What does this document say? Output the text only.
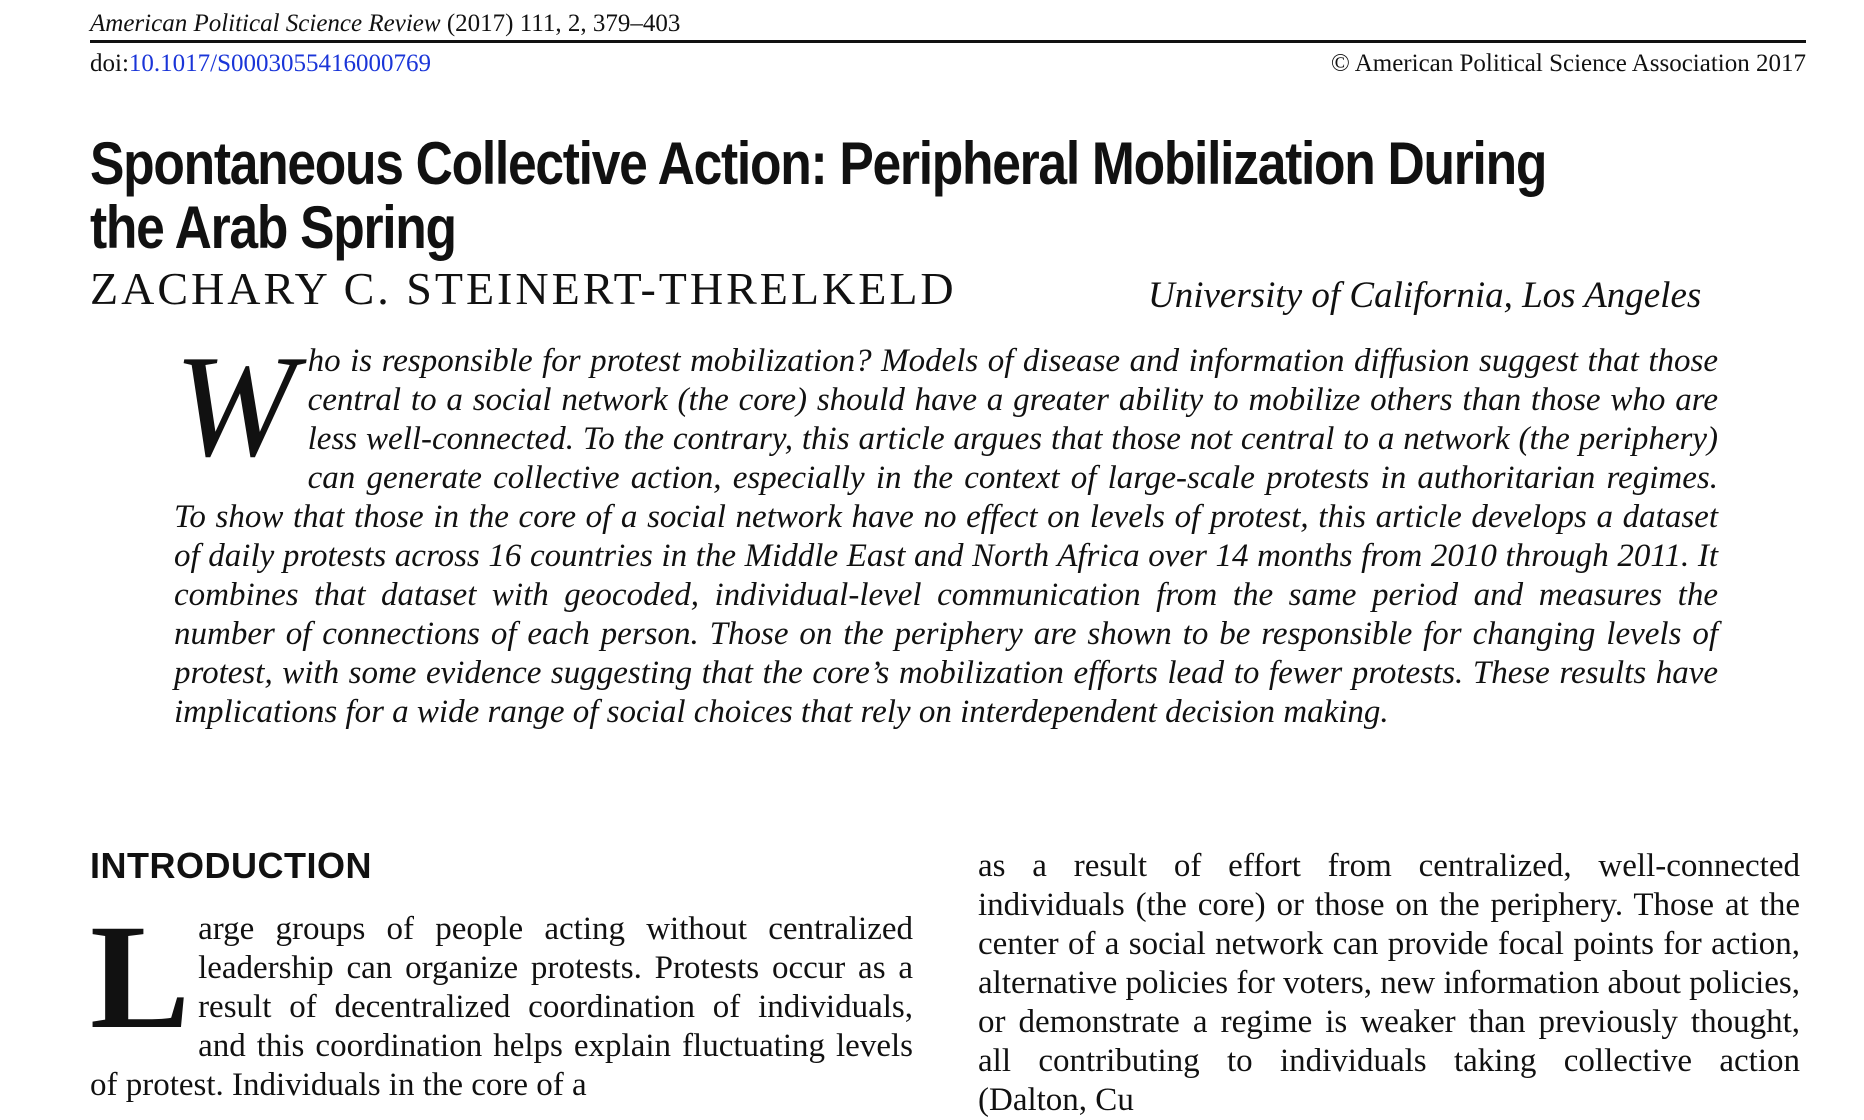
American Political Science Review (2017) 111, 2, 379–403
doi:10.1017/S0003055416000769	© American Political Science Association 2017
Spontaneous Collective Action: Peripheral Mobilization During the Arab Spring
ZACHARY C. STEINERT-THRELKELD	University of California, Los Angeles

Who is responsible for protest mobilization? Models of disease and information diffusion suggest that those central to a social network (the core) should have a greater ability to mobilize others than those who are less well-connected. To the contrary, this article argues that those not central to a network (the periphery) can generate collective action, especially in the context of large-scale protests in authoritarian regimes. To show that those in the core of a social network have no effect on levels of protest, this article develops a dataset of daily protests across 16 countries in the Middle East and North Africa over 14 months from 2010 through 2011. It combines that dataset with geocoded, individual-level communication from the same period and measures the number of connections of each person. Those on the periphery are shown to be responsible for changing levels of protest, with some evidence suggesting that the core’s mobilization efforts lead to fewer protests. These results have implications for a wide range of social choices that rely on interdependent decision making.

INTRODUCTION

Large groups of people acting without centralized leadership can organize protests. Protests occur as a result of decentralized coordination of individuals, and this coordination helps explain fluctuating levels of protest. Individuals in the core of a

as a result of effort from centralized, well-connected individuals (the core) or those on the periphery. Those at the center of a social network can provide focal points for action, alternative policies for voters, new information about policies, or demonstrate a regime is weaker than previously thought, all contributing to individuals taking collective action (Dalton, Cu
